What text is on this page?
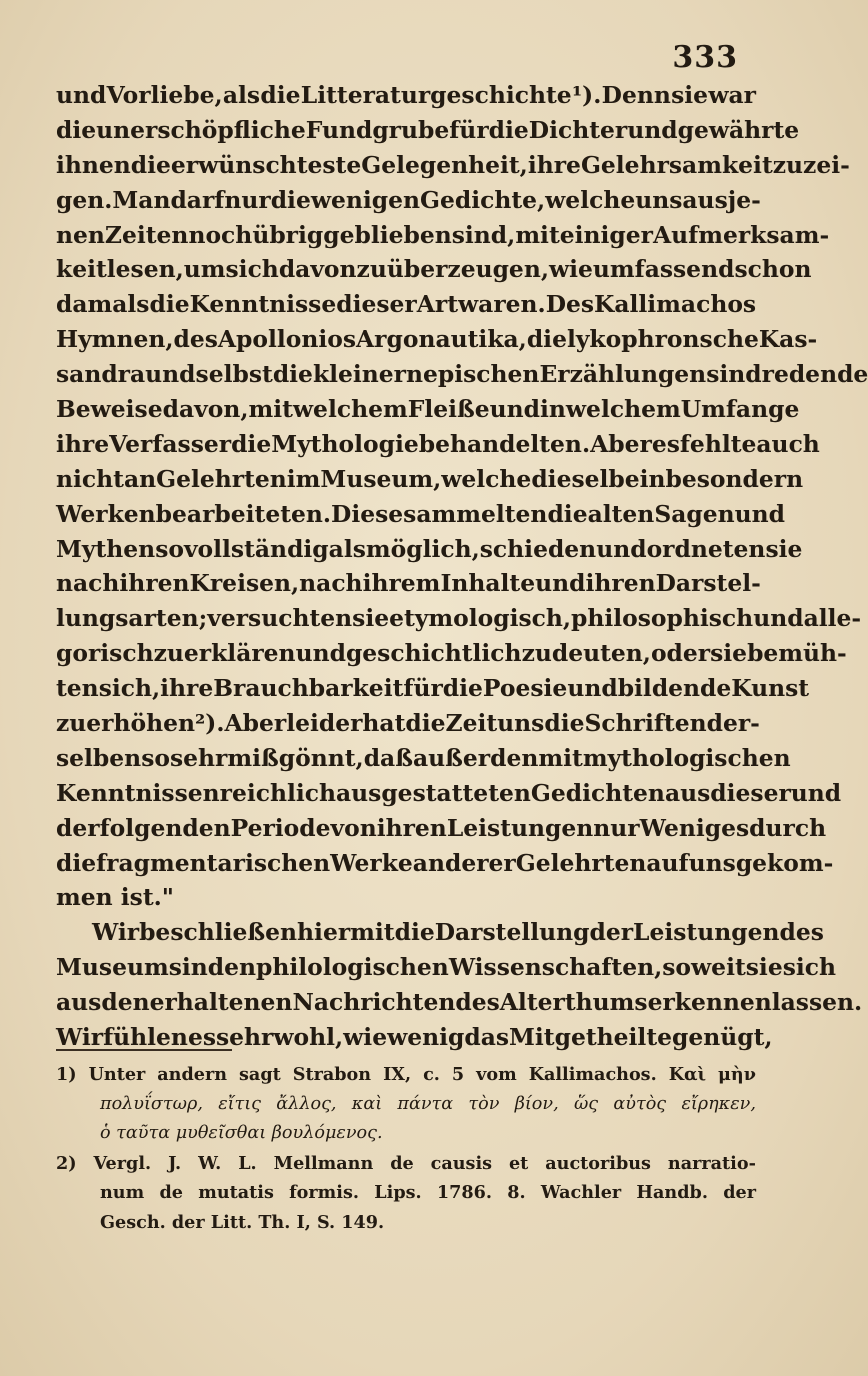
333
und Vorliebe, als die Litteraturgeschichte ¹). Denn sie war
die unerschöpfliche Fundgrube für die Dichter und gewährte
ihnen die erwünschteste Gelegenheit, ihre Gelehrsamkeit zu zei-
gen. Man darf nur die wenigen Gedichte, welche uns aus je-
nen Zeiten noch übrig geblieben sind, mit einiger Aufmerksam-
keit lesen, um sich davon zu überzeugen, wie umfassend schon
damals die Kenntnisse dieser Art waren. Des Kallimachos
Hymnen, des Apollonios Argonautika, die lykophronsche Kas-
sandra und selbst die kleinern epischen Erzählungen sind redende
Beweise davon, mit welchem Fleiße und in welchem Umfange
ihre Verfasser die Mythologie behandelten. Aber es fehlte auch
nicht an Gelehrten im Museum, welche dieselbe in besondern
Werken bearbeiteten. Diese sammelten die alten Sagen und
Mythen so vollständig als möglich, schieden und ordneten sie
nach ihren Kreisen, nach ihrem Inhalte und ihren Darstel-
lungsarten; versuchten sie etymologisch, philosophisch und alle-
gorisch zu erklären und geschichtlich zu deuten, oder sie bemüh-
ten sich, ihre Brauchbarkeit für die Poesie und bildende Kunst
zu erhöhen ²). Aber leider hat die Zeit uns die Schriften der-
selben so sehr mißgönnt, daß außer den mit mythologischen
Kenntnissen reichlich ausgestatteten Gedichten aus dieser und
der folgenden Periode von ihren Leistungen nur Weniges durch
die fragmentarischen Werke anderer Gelehrten auf uns gekom-
men ist."
Wir beschließen hiermit die Darstellung der Leistungen des
Museums in den philologischen Wissenschaften, so weit sie sich
aus den erhaltenen Nachrichten des Alterthums erkennen lassen.
Wir fühlen es sehr wohl, wie wenig das Mitgetheilte genügt,
1) Unter andern sagt Strabon IX, c. 5 vom Kallimachos. Καὶ μὴν
πολυΐστωρ, εἴτις ἄλλος, καὶ πάντα τὸν βίον, ὥς αὐτὸς εἴρηκεν,
ὁ ταῦτα μυθεῖσθαι βουλόμενος.
2) Vergl. J. W. L. Mellmann de causis et auctoribus narratio-
num de mutatis formis. Lips. 1786. 8. Wachler Handb. der
Gesch. der Litt. Th. I, S. 149.
